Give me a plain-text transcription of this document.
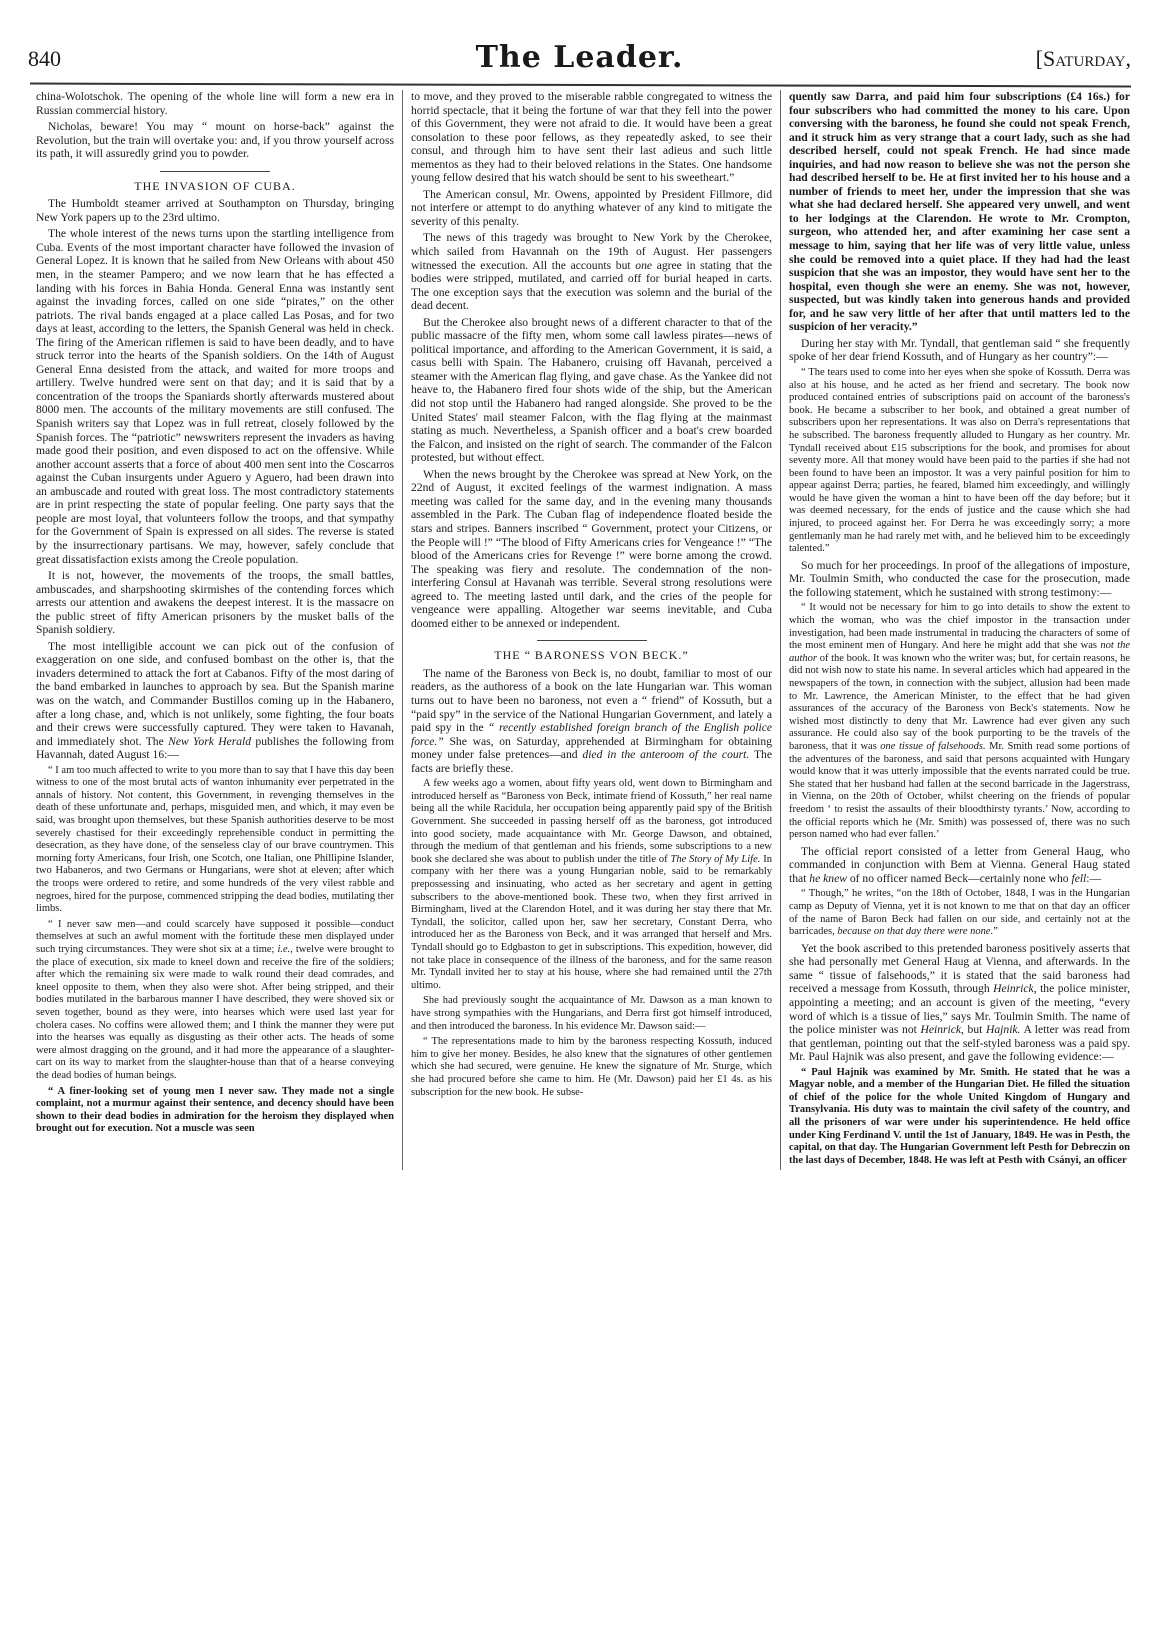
840	The Leader.	[Saturday,

china-Wolotschok. The opening of the whole line will form a new era in Russian commercial history.

Nicholas, beware! You may “ mount on horse-back” against the Revolution, but the train will overtake you: and, if you throw yourself across its path, it will assuredly grind you to powder.

THE INVASION OF CUBA.

The Humboldt steamer arrived at Southampton on Thursday, bringing New York papers up to the 23rd ultimo.

The whole interest of the news turns upon the startling intelligence from Cuba. Events of the most important character have followed the invasion of General Lopez. It is known that he sailed from New Orleans with about 450 men, in the steamer Pampero; and we now learn that he has effected a landing with his forces in Bahia Honda. General Enna was instantly sent against the invading forces, called on one side “pirates,” on the other patriots. The rival bands engaged at a place called Las Posas, and for two days at least, according to the letters, the Spanish General was held in check. The firing of the American riflemen is said to have been deadly, and to have struck terror into the hearts of the Spanish soldiers. On the 14th of August General Enna desisted from the attack, and waited for more troops and artillery. Twelve hundred were sent on that day; and it is said that by a concentration of the troops the Spaniards shortly afterwards mustered about 8000 men. The accounts of the military movements are still confused. The Spanish writers say that Lopez was in full retreat, closely followed by the Spanish forces. The “patriotic” newswriters represent the invaders as having made good their position, and even disposed to act on the offensive. While another account asserts that a force of about 400 men sent into the Coscarros against the Cuban insurgents under Aguero y Aguero, had been drawn into an ambuscade and routed with great loss. The most contradictory statements are in print respecting the state of popular feeling. One party says that the people are most loyal, that volunteers follow the troops, and that sympathy for the Government of Spain is expressed on all sides. The reverse is stated by the insurrectionary partisans. We may, however, safely conclude that great dissatisfaction exists among the Creole population.

It is not, however, the movements of the troops, the small battles, ambuscades, and sharpshooting skirmishes of the contending forces which arrests our attention and awakens the deepest interest. It is the massacre on the public street of fifty American prisoners by the musket balls of the Spanish soldiery.

The most intelligible account we can pick out of the confusion of exaggeration on one side, and confused bombast on the other is, that the invaders determined to attack the fort at Cabanos. Fifty of the most daring of the band embarked in launches to approach by sea. But the Spanish marine was on the watch, and Commander Bustillos coming up in the Habanero, after a long chase, and, which is not unlikely, some fighting, the four boats and their crews were successfully captured. They were taken to Havanah, and immediately shot. The New York Herald publishes the following from Havannah, dated August 16:—

“ I am too much affected to write to you more than to say that I have this day been witness to one of the most brutal acts of wanton inhumanity ever perpetrated in the annals of history. Not content, this Government, in revenging themselves in the death of these unfortunate and, perhaps, misguided men, and which, it may even be said, was brought upon themselves, but these Spanish authorities deserve to be most severely chastised for their exceedingly reprehensible conduct in permitting the desecration, as they have done, of the senseless clay of our brave countrymen. This morning forty Americans, four Irish, one Scotch, one Italian, one Phillipine Islander, two Habaneros, and two Germans or Hungarians, were shot at eleven; after which the troops were ordered to retire, and some hundreds of the very vilest rabble and negroes, hired for the purpose, commenced stripping the dead bodies, mutilating ther limbs.

“ I never saw men—and could scarcely have supposed it possible—conduct themselves at such an awful moment with the fortitude these men displayed under such trying circumstances. They were shot six at a time; i.e., twelve were brought to the place of execution, six made to kneel down and receive the fire of the soldiers; after which the remaining six were made to walk round their dead comrades, and kneel opposite to them, when they also were shot. After being stripped, and their bodies mutilated in the barbarous manner I have described, they were shoved six or seven together, bound as they were, into hearses which were used last year for cholera cases. No coffins were allowed them; and I think the manner they were put into the hearses was equally as disgusting as their other acts. The heads of some were almost dragging on the ground, and it had more the appearance of a slaughter-cart on its way to market from the slaughter-house than that of a hearse conveying the dead bodies of human beings.

“ A finer-looking set of young men I never saw. They made not a single complaint, not a murmur against their sentence, and decency should have been shown to their dead bodies in admiration for the heroism they displayed when brought out for execution. Not a muscle was seen

to move, and they proved to the miserable rabble congregated to witness the horrid spectacle, that it being the fortune of war that they fell into the power of this Government, they were not afraid to die. It would have been a great consolation to these poor fellows, as they repeatedly asked, to see their consul, and through him to have sent their last adieus and such little mementos as they had to their beloved relations in the States. One handsome young fellow desired that his watch should be sent to his sweetheart.”

The American consul, Mr. Owens, appointed by President Fillmore, did not interfere or attempt to do anything whatever of any kind to mitigate the severity of this penalty.

The news of this tragedy was brought to New York by the Cherokee, which sailed from Havannah on the 19th of August. Her passengers witnessed the execution. All the accounts but one agree in stating that the bodies were stripped, mutilated, and carried off for burial heaped in carts. The one exception says that the execution was solemn and the burial of the dead decent.

But the Cherokee also brought news of a different character to that of the public massacre of the fifty men, whom some call lawless pirates—news of political importance, and affording to the American Government, it is said, a casus belli with Spain. The Habanero, cruising off Havanah, perceived a steamer with the American flag flying, and gave chase. As the Yankee did not heave to, the Habanero fired four shots wide of the ship, but the American did not stop until the Habanero had ranged alongside. She proved to be the United States' mail steamer Falcon, with the flag flying at the mainmast stating as much. Nevertheless, a Spanish officer and a boat's crew boarded the Falcon, and insisted on the right of search. The commander of the Falcon protested, but without effect.

When the news brought by the Cherokee was spread at New York, on the 22nd of August, it excited feelings of the warmest indignation. A mass meeting was called for the same day, and in the evening many thousands assembled in the Park. The Cuban flag of independence floated beside the stars and stripes. Banners inscribed “ Government, protect your Citizens, or the People will !” “The blood of Fifty Americans cries for Vengeance !” “The blood of the Americans cries for Revenge !” were borne among the crowd. The speaking was fiery and resolute. The condemnation of the non-interfering Consul at Havanah was terrible. Several strong resolutions were agreed to. The meeting lasted until dark, and the cries of the people for vengeance were appalling. Altogether war seems inevitable, and Cuba doomed either to be annexed or independent.

THE “ BARONESS VON BECK.”

The name of the Baroness von Beck is, no doubt, familiar to most of our readers, as the authoress of a book on the late Hungarian war. This woman turns out to have been no baroness, not even a “ friend” of Kossuth, but a “paid spy” in the service of the National Hungarian Government, and lately a paid spy in the “ recently established foreign branch of the English police force.” She was, on Saturday, apprehended at Birmingham for obtaining money under false pretences—and died in the anteroom of the court. The facts are briefly these.

A few weeks ago a women, about fifty years old, went down to Birmingham and introduced herself as “Baroness von Beck, intimate friend of Kossuth,” her real name being all the while Racidula, her occupation being apparently paid spy of the British Government. She succeeded in passing herself off as the baroness, got introduced into good society, made acquaintance with Mr. George Dawson, and obtained, through the medium of that gentleman and his friends, some subscriptions to a new book she declared she was about to publish under the title of The Story of My Life. In company with her there was a young Hungarian noble, said to be remarkably prepossessing and insinuating, who acted as her secretary and agent in getting subscribers to the above-mentioned book. These two, when they first arrived in Birmingham, lived at the Clarendon Hotel, and it was during her stay there that Mr. Tyndall, the solicitor, called upon her, saw her secretary, Constant Derra, who introduced her as the Baroness von Beck, and it was arranged that herself and Mrs. Tyndall should go to Edgbaston to get in subscriptions. This expedition, however, did not take place in consequence of the illness of the baroness, and for the same reason Mr. Tyndall invited her to stay at his house, where she had remained until the 27th ultimo.

She had previously sought the acquaintance of Mr. Dawson as a man known to have strong sympathies with the Hungarians, and Derra first got himself introduced, and then introduced the baroness. In his evidence Mr. Dawson said:—

“ The representations made to him by the baroness respecting Kossuth, induced him to give her money. Besides, he also knew that the signatures of other gentlemen which she had secured, were genuine. He knew the signature of Mr. Sturge, which she had procured before she came to him. He (Mr. Dawson) paid her £1 4s. as his subscription for the new book. He subse-

quently saw Darra, and paid him four subscriptions (£4 16s.) for four subscribers who had committed the money to his care. Upon conversing with the baroness, he found she could not speak French, and it struck him as very strange that a court lady, such as she had described herself, could not speak French. He had since made inquiries, and had now reason to believe she was not the person she had described herself to be. He at first invited her to his house and a number of friends to meet her, under the impression that she was what she had declared herself. She appeared very unwell, and went to her lodgings at the Clarendon. He wrote to Mr. Crompton, surgeon, who attended her, and after examining her case sent a message to him, saying that her life was of very little value, unless she could be removed into a quiet place. If they had had the least suspicion that she was an impostor, they would have sent her to the hospital, even though she were an enemy. She was not, however, suspected, but was kindly taken into generous hands and provided for, and he saw very little of her after that until matters led to the suspicion of her veracity.”

During her stay with Mr. Tyndall, that gentleman said “ she frequently spoke of her dear friend Kossuth, and of Hungary as her country”:—

“ The tears used to come into her eyes when she spoke of Kossuth. Derra was also at his house, and he acted as her friend and secretary. The book now produced contained entries of subscriptions paid on account of the baroness's book. He became a subscriber to her book, and obtained a great number of subscribers upon her representations. It was also on Derra's representations that he subscribed. The baroness frequently alluded to Hungary as her country. Mr. Tyndall received about £15 subscriptions for the book, and promises for about seventy more. All that money would have been paid to the parties if she had not been found to have been an impostor. It was a very painful position for him to appear against Derra; parties, he feared, blamed him exceedingly, and willingly would he have given the woman a hint to have been off the day before; but it was deemed necessary, for the ends of justice and the cause which she had injured, to proceed against her. For Derra he was exceedingly sorry; a more gentlemanly man he had rarely met with, and he believed him to be exceedingly talented.”

So much for her proceedings. In proof of the allegations of imposture, Mr. Toulmin Smith, who conducted the case for the prosecution, made the following statement, which he sustained with strong testimony:—

“ It would not be necessary for him to go into details to show the extent to which the woman, who was the chief impostor in the transaction under investigation, had been made instrumental in traducing the characters of some of the most eminent men of Hungary. And here he might add that she was not the author of the book. It was known who the writer was; but, for certain reasons, he did not wish now to state his name. In several articles which had appeared in the newspapers of the town, in connection with the subject, allusion had been made to Mr. Lawrence, the American Minister, to the effect that he had given assurances of the accuracy of the Baroness von Beck's statements. Now he wished most distinctly to deny that Mr. Lawrence had ever given any such assurance. He could also say of the book purporting to be the travels of the baroness, that it was one tissue of falsehoods. Mr. Smith read some portions of the adventures of the baroness, and said that persons acquainted with Hungary would know that it was utterly impossible that the events narrated could be true. She stated that her husband had fallen at the second barricade in the Jagerstrass, in Vienna, on the 20th of October, whilst cheering on the friends of popular freedom ‘ to resist the assaults of their bloodthirsty tyrants.’ Now, according to the official reports which he (Mr. Smith) was possessed of, there was no such person named who had ever fallen.’

The official report consisted of a letter from General Haug, who commanded in conjunction with Bem at Vienna. General Haug stated that he knew of no officer named Beck—certainly none who fell:—

“ Though,” he writes, “on the 18th of October, 1848, I was in the Hungarian camp as Deputy of Vienna, yet it is not known to me that on that day an officer of the name of Baron Beck had fallen on our side, and certainly not at the barricades, because on that day there were none.”

Yet the book ascribed to this pretended baroness positively asserts that she had personally met General Haug at Vienna, and afterwards. In the same “ tissue of falsehoods,” it is stated that the said baroness had received a message from Kossuth, through Heinrick, the police minister, appointing a meeting; and an account is given of the meeting, “every word of which is a tissue of lies,” says Mr. Toulmin Smith. The name of the police minister was not Heinrick, but Hajnik. A letter was read from that gentleman, pointing out that the self-styled baroness was a paid spy. Mr. Paul Hajnik was also present, and gave the following evidence:—

“ Paul Hajnik was examined by Mr. Smith. He stated that he was a Magyar noble, and a member of the Hungarian Diet. He filled the situation of chief of the police for the whole United Kingdom of Hungary and Transylvania. His duty was to maintain the civil safety of the country, and all the prisoners of war were under his superintendence. He held office under King Ferdinand V. until the 1st of January, 1849. He was in Pesth, the capital, on that day. The Hungarian Government left Pesth for Debreczin on the last days of December, 1848. He was left at Pesth with Csányi, an officer
